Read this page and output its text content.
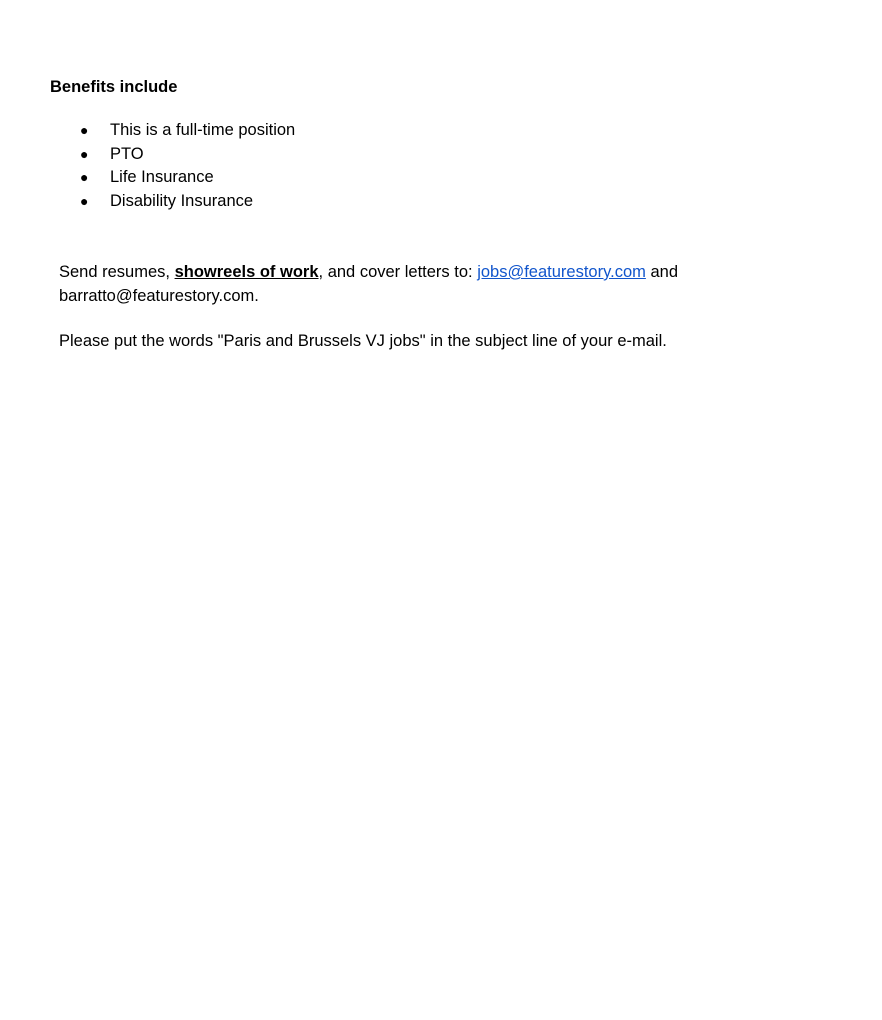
Benefits include

● This is a full-time position
● PTO
● Life Insurance
● Disability Insurance

Send resumes, showreels of work, and cover letters to: jobs@featurestory.com and
barratto@featurestory.com.

Please put the words "Paris and Brussels VJ jobs" in the subject line of your e-mail.
